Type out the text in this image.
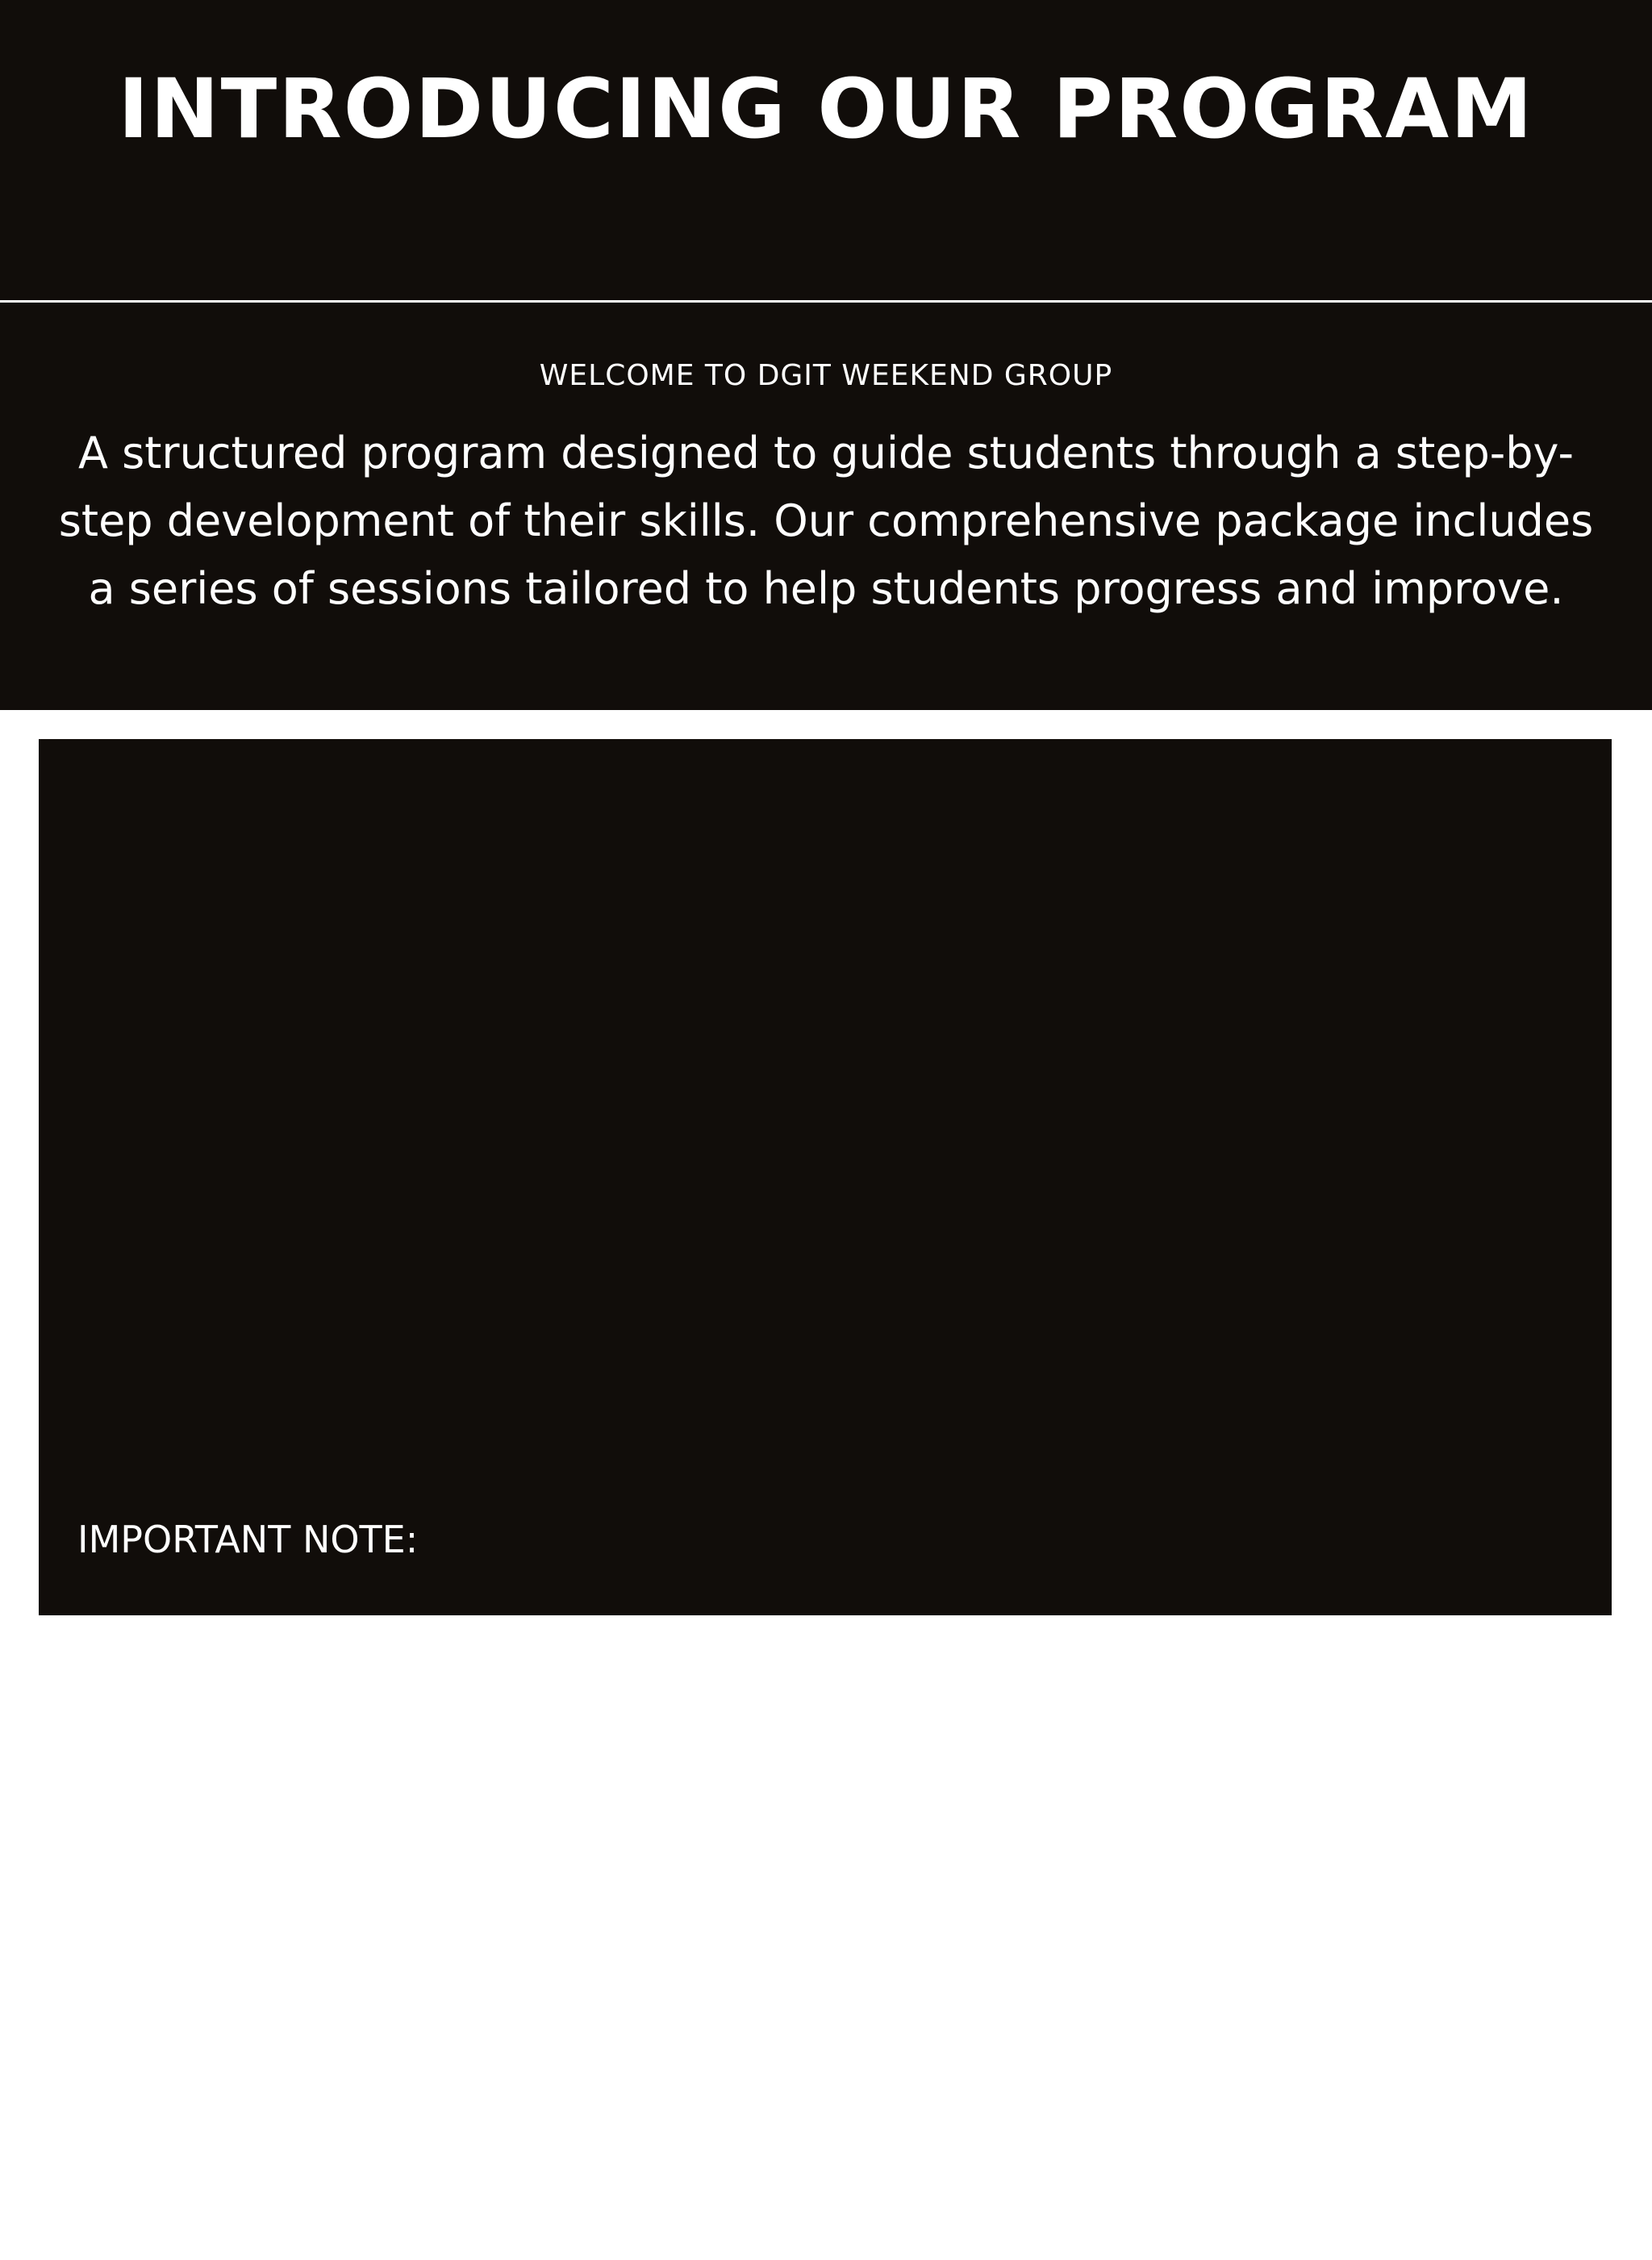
INTRODUCING OUR PROGRAM
WELCOME TO DGIT WEEKEND GROUP

A structured program designed to guide students through a step-by-step development of their skills. Our comprehensive package includes a series of sessions tailored to help students progress and improve.

IMPORTANT NOTE:
• Each level culminates in a thorough evaluation and exam on the last day of training. Not all students may advance to the next level, as progression is based on individual performance.
• Each student learns at their own pace, some may grasp concepts quickly, while others may need more time. We acknowledge that late bloomers can exceptionally talented, and our program is designed to accomodate different learning styles.
• Our goal is to provide a supportive environment where students can grow, learn, and thrive
• By joining DGIT WEEKEND GROUP, students will embark on rewarding journey that foster growth, development, and a lifelong passion for the game
